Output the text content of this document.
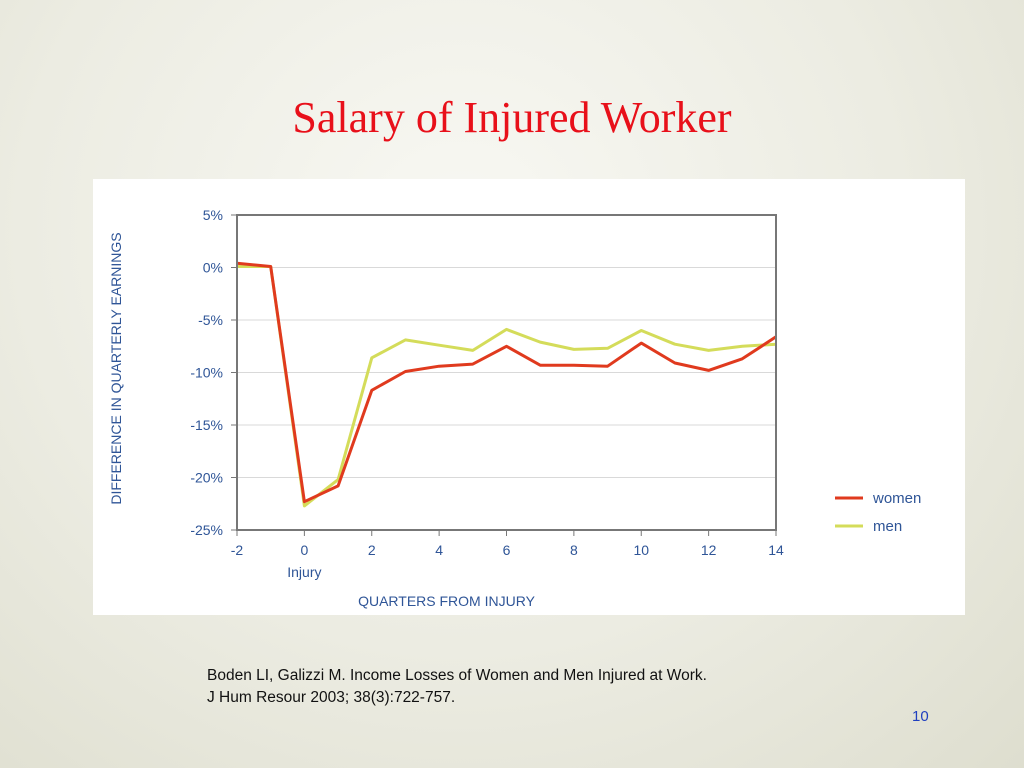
Salary of Injured Worker
5%
0%
-5%
-10%
-15%
-20%
-25%
-2	0	2	4	6	8	10	12	14
Injury
QUARTERS FROM INJURY
DIFFERENCE IN QUARTERLY EARNINGS	women
men
Boden LI, Galizzi M. Income Losses of Women and Men Injured at Work.
J Hum Resour 2003; 38(3):722-757.
10
